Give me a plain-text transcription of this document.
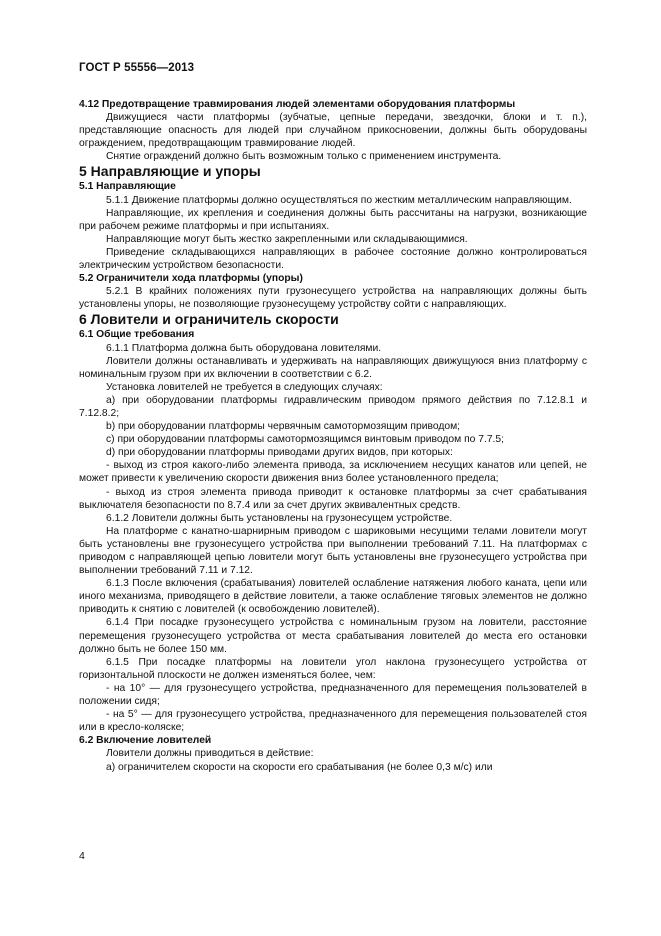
ГОСТ Р 55556—2013

4.12 Предотвращение травмирования людей элементами оборудования платформы

Движущиеся части платформы (зубчатые, цепные передачи, звездочки, блоки и т. п.), представляющие опасность для людей при случайном прикосновении, должны быть оборудованы ограждением, предотвращающим травмирование людей.

Снятие ограждений должно быть возможным только с применением инструмента.

5 Направляющие и упоры

5.1 Направляющие

5.1.1 Движение платформы должно осуществляться по жестким металлическим направляющим.

Направляющие, их крепления и соединения должны быть рассчитаны на нагрузки, возникающие при рабочем режиме платформы и при испытаниях.

Направляющие могут быть жестко закрепленными или складывающимися.

Приведение складывающихся направляющих в рабочее состояние должно контролироваться электрическим устройством безопасности.

5.2 Ограничители хода платформы (упоры)

5.2.1 В крайних положениях пути грузонесущего устройства на направляющих должны быть установлены упоры, не позволяющие грузонесущему устройству сойти с направляющих.

6 Ловители и ограничитель скорости

6.1 Общие требования

6.1.1 Платформа должна быть оборудована ловителями.

Ловители должны останавливать и удерживать на направляющих движущуюся вниз платформу с номинальным грузом при их включении в соответствии с 6.2.

Установка ловителей не требуется в следующих случаях:

a) при оборудовании платформы гидравлическим приводом прямого действия по 7.12.8.1 и 7.12.8.2;

b) при оборудовании платформы червячным самотормозящим приводом;

c) при оборудовании платформы самотормозящимся винтовым приводом по 7.7.5;

d) при оборудовании платформы приводами других видов, при которых:

- выход из строя какого-либо элемента привода, за исключением несущих канатов или цепей, не может привести к увеличению скорости движения вниз более установленного предела;

- выход из строя элемента привода приводит к остановке платформы за счет срабатывания выключателя безопасности по 8.7.4 или за счет других эквивалентных средств.

6.1.2 Ловители должны быть установлены на грузонесущем устройстве.

На платформе с канатно-шарнирным приводом с шариковыми несущими телами ловители могут быть установлены вне грузонесущего устройства при выполнении требований 7.11. На платформах с приводом с направляющей цепью ловители могут быть установлены вне грузонесущего устройства при выполнении требований 7.11 и 7.12.

6.1.3 После включения (срабатывания) ловителей ослабление натяжения любого каната, цепи или иного механизма, приводящего в действие ловители, а также ослабление тяговых элементов не должно приводить к снятию с ловителей (к освобождению ловителей).

6.1.4 При посадке грузонесущего устройства с номинальным грузом на ловители, расстояние перемещения грузонесущего устройства от места срабатывания ловителей до места его остановки должно быть не более 150 мм.

6.1.5 При посадке платформы на ловители угол наклона грузонесущего устройства от горизонтальной плоскости не должен изменяться более, чем:

- на 10° — для грузонесущего устройства, предназначенного для перемещения пользователей в положении сидя;

- на 5° — для грузонесущего устройства, предназначенного для перемещения пользователей стоя или в кресло-коляске;

6.2 Включение ловителей

Ловители должны приводиться в действие:

a) ограничителем скорости на скорости его срабатывания (не более 0,3 м/с) или

4
